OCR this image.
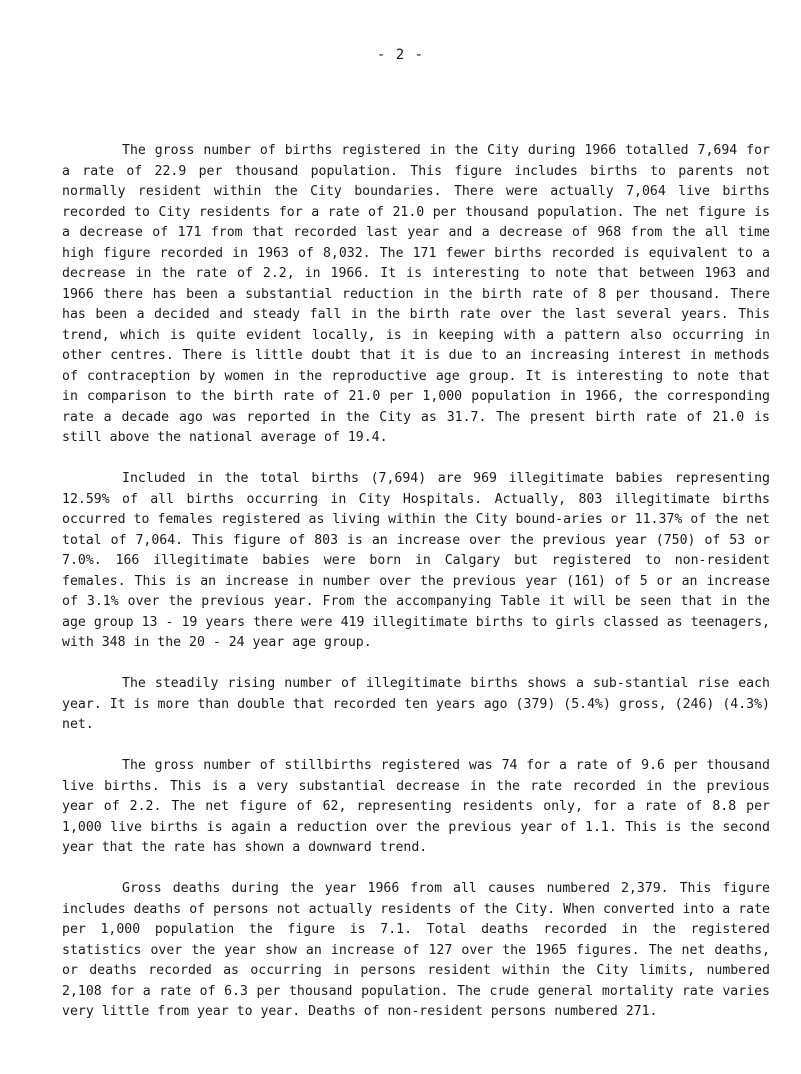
- 2 -

The gross number of births registered in the City during 1966 totalled 7,694 for a rate of 22.9 per thousand population. This figure includes births to parents not normally resident within the City boundaries. There were actually 7,064 live births recorded to City residents for a rate of 21.0 per thousand population. The net figure is a decrease of 171 from that recorded last year and a decrease of 968 from the all time high figure recorded in 1963 of 8,032. The 171 fewer births recorded is equivalent to a decrease in the rate of 2.2, in 1966. It is interesting to note that between 1963 and 1966 there has been a substantial reduction in the birth rate of 8 per thousand. There has been a decided and steady fall in the birth rate over the last several years. This trend, which is quite evident locally, is in keeping with a pattern also occurring in other centres. There is little doubt that it is due to an increasing interest in methods of contraception by women in the reproductive age group. It is interesting to note that in comparison to the birth rate of 21.0 per 1,000 population in 1966, the corresponding rate a decade ago was reported in the City as 31.7. The present birth rate of 21.0 is still above the national average of 19.4.

Included in the total births (7,694) are 969 illegitimate babies representing 12.59% of all births occurring in City Hospitals. Actually, 803 illegitimate births occurred to females registered as living within the City bound-aries or 11.37% of the net total of 7,064. This figure of 803 is an increase over the previous year (750) of 53 or 7.0%. 166 illegitimate babies were born in Calgary but registered to non-resident females. This is an increase in number over the previous year (161) of 5 or an increase of 3.1% over the previous year. From the accompanying Table it will be seen that in the age group 13 - 19 years there were 419 illegitimate births to girls classed as teenagers, with 348 in the 20 - 24 year age group.

The steadily rising number of illegitimate births shows a sub-stantial rise each year. It is more than double that recorded ten years ago (379) (5.4%) gross, (246) (4.3%) net.

The gross number of stillbirths registered was 74 for a rate of 9.6 per thousand live births. This is a very substantial decrease in the rate recorded in the previous year of 2.2. The net figure of 62, representing residents only, for a rate of 8.8 per 1,000 live births is again a reduction over the previous year of 1.1. This is the second year that the rate has shown a downward trend.

Gross deaths during the year 1966 from all causes numbered 2,379. This figure includes deaths of persons not actually residents of the City. When converted into a rate per 1,000 population the figure is 7.1. Total deaths recorded in the registered statistics over the year show an increase of 127 over the 1965 figures. The net deaths, or deaths recorded as occurring in persons resident within the City limits, numbered 2,108 for a rate of 6.3 per thousand population. The crude general mortality rate varies very little from year to year. Deaths of non-resident persons numbered 271.
